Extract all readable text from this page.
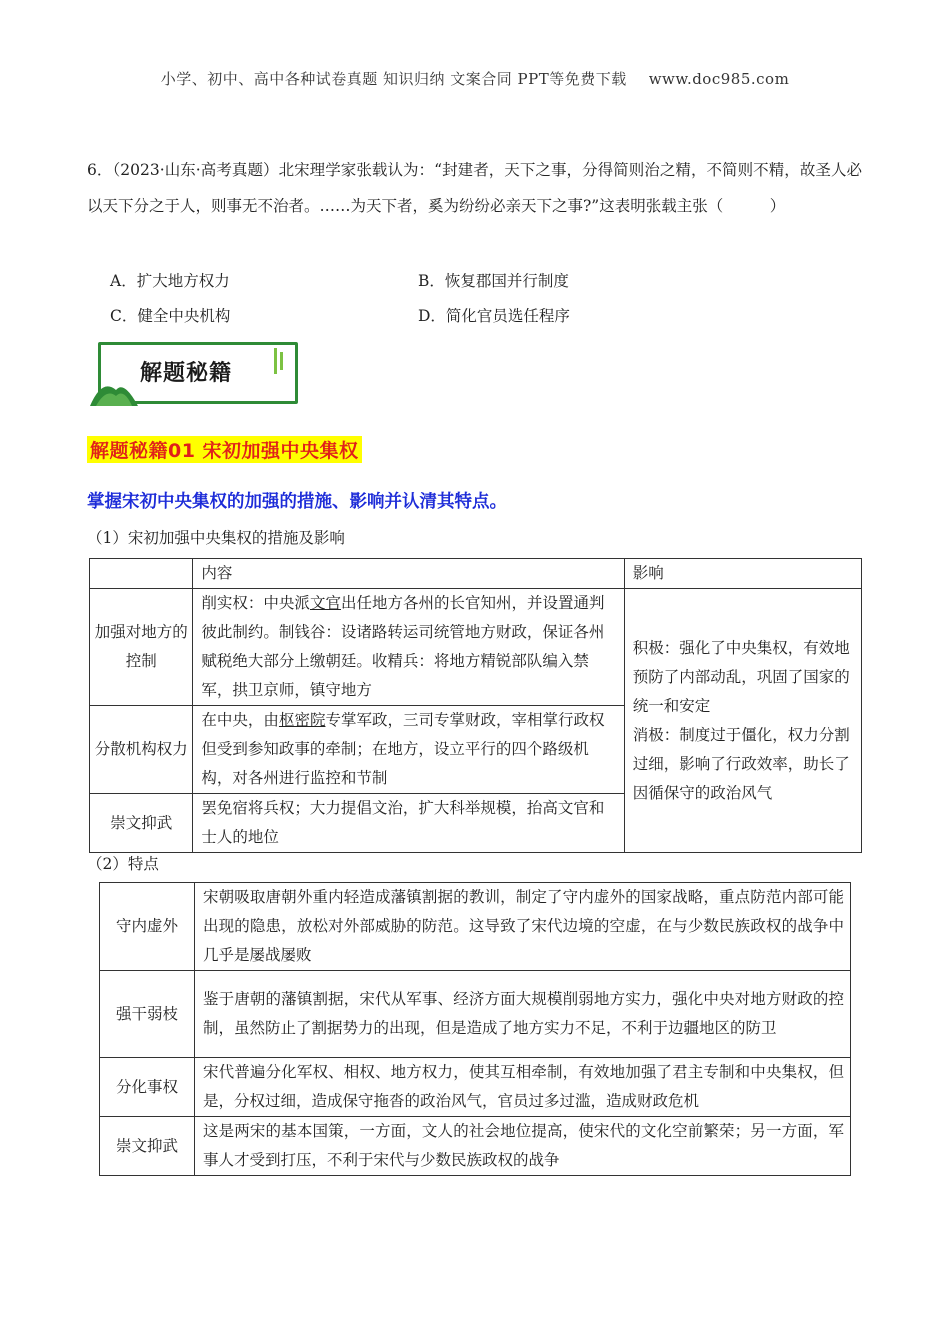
小学、初中、高中各种试卷真题 知识归纳 文案合同 PPT等免费下载 www.doc985.com
6．（2023·山东·高考真题）北宋理学家张载认为：“封建者，天下之事，分得简则治之精，不简则不精，故圣人必以天下分之于人，则事无不治者。……为天下者，奚为纷纷必亲天下之事?”这表明张载主张（　　　）
A．扩大地方权力	B．恢复郡国并行制度
C．健全中央机构	D．简化官员选任程序
解题秘籍
解题秘籍01 宋初加强中央集权
掌握宋初中央集权的加强的措施、影响并认清其特点。
（1）宋初加强中央集权的措施及影响
	内容	影响
加强对地方的控制	削实权：中央派文官出任地方各州的长官知州，并设置通判彼此制约。制钱谷：设诸路转运司统管地方财政，保证各州赋税绝大部分上缴朝廷。收精兵：将地方精锐部队编入禁军，拱卫京师，镇守地方	积极：强化了中央集权，有效地预防了内部动乱，巩固了国家的统一和安定
消极：制度过于僵化，权力分割过细，影响了行政效率，助长了因循保守的政治风气

分散机构权力	在中央，由枢密院专掌军政，三司专掌财政，宰相掌行政权但受到参知政事的牵制；在地方，设立平行的四个路级机构，对各州进行监控和节制	
崇文抑武	罢免宿将兵权；大力提倡文治，扩大科举规模，抬高文官和士人的地位	
（2）特点
守内虚外	宋朝吸取唐朝外重内轻造成藩镇割据的教训，制定了守内虚外的国家战略，重点防范内部可能出现的隐患，放松对外部威胁的防范。这导致了宋代边境的空虚，在与少数民族政权的战争中几乎是屡战屡败
强干弱枝	鉴于唐朝的藩镇割据，宋代从军事、经济方面大规模削弱地方实力，强化中央对地方财政的控制，虽然防止了割据势力的出现，但是造成了地方实力不足，不利于边疆地区的防卫
分化事权	宋代普遍分化军权、相权、地方权力，使其互相牵制，有效地加强了君主专制和中央集权，但是，分权过细，造成保守拖沓的政治风气，官员过多过滥，造成财政危机
崇文抑武	这是两宋的基本国策，一方面，文人的社会地位提高，使宋代的文化空前繁荣；另一方面，军事人才受到打压，不利于宋代与少数民族政权的战争
